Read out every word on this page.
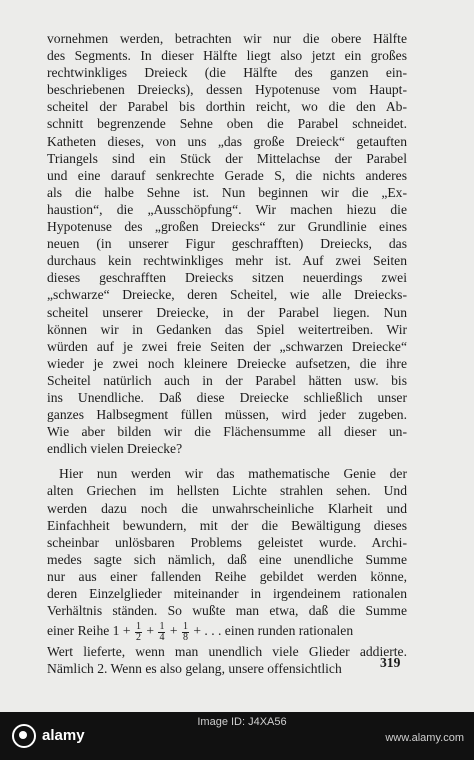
vornehmen werden, betrachten wir nur die obere Hälfte
des Segments. In dieser Hälfte liegt also jetzt ein großes
rechtwinkliges Dreieck (die Hälfte des ganzen ein-
beschriebenen Dreiecks), dessen Hypotenuse vom Haupt-
scheitel der Parabel bis dorthin reicht, wo die den Ab-
schnitt begrenzende Sehne oben die Parabel schneidet.
Katheten dieses, von uns „das große Dreieck“ getauften
Triangels sind ein Stück der Mittelachse der Parabel
und eine darauf senkrechte Gerade S, die nichts anderes
als die halbe Sehne ist. Nun beginnen wir die „Ex-
haustion“, die „Ausschöpfung“. Wir machen hiezu die
Hypotenuse des „großen Dreiecks“ zur Grundlinie eines
neuen (in unserer Figur geschrafften) Dreiecks, das
durchaus kein rechtwinkliges mehr ist. Auf zwei Seiten
dieses geschrafften Dreiecks sitzen neuerdings zwei
„schwarze“ Dreiecke, deren Scheitel, wie alle Dreiecks-
scheitel unserer Dreiecke, in der Parabel liegen. Nun
können wir in Gedanken das Spiel weitertreiben. Wir
würden auf je zwei freie Seiten der „schwarzen Dreiecke“
wieder je zwei noch kleinere Dreiecke aufsetzen, die ihre
Scheitel natürlich auch in der Parabel hätten usw. bis
ins Unendliche. Daß diese Dreiecke schließlich unser
ganzes Halbsegment füllen müssen, wird jeder zugeben.
Wie aber bilden wir die Flächensumme all dieser un-
endlich vielen Dreiecke?
Hier nun werden wir das mathematische Genie der
alten Griechen im hellsten Lichte strahlen sehen. Und
werden dazu noch die unwahrscheinliche Klarheit und
Einfachheit bewundern, mit der die Bewältigung dieses
scheinbar unlösbaren Problems geleistet wurde. Archi-
medes sagte sich nämlich, daß eine unendliche Summe
nur aus einer fallenden Reihe gebildet werden könne,
deren Einzelglieder miteinander in irgendeinem rationalen
Verhältnis ständen. So wußte man etwa, daß die Summe
einer Reihe $1 + \frac{1}{2} + \frac{1}{4} + \frac{1}{8}$ + . . . einen runden rationalen
Wert lieferte, wenn man unendlich viele Glieder addierte.
Nämlich 2. Wenn es also gelang, unsere offensichtlich	319
alamy
Image ID: J4XA56
www.alamy.com
